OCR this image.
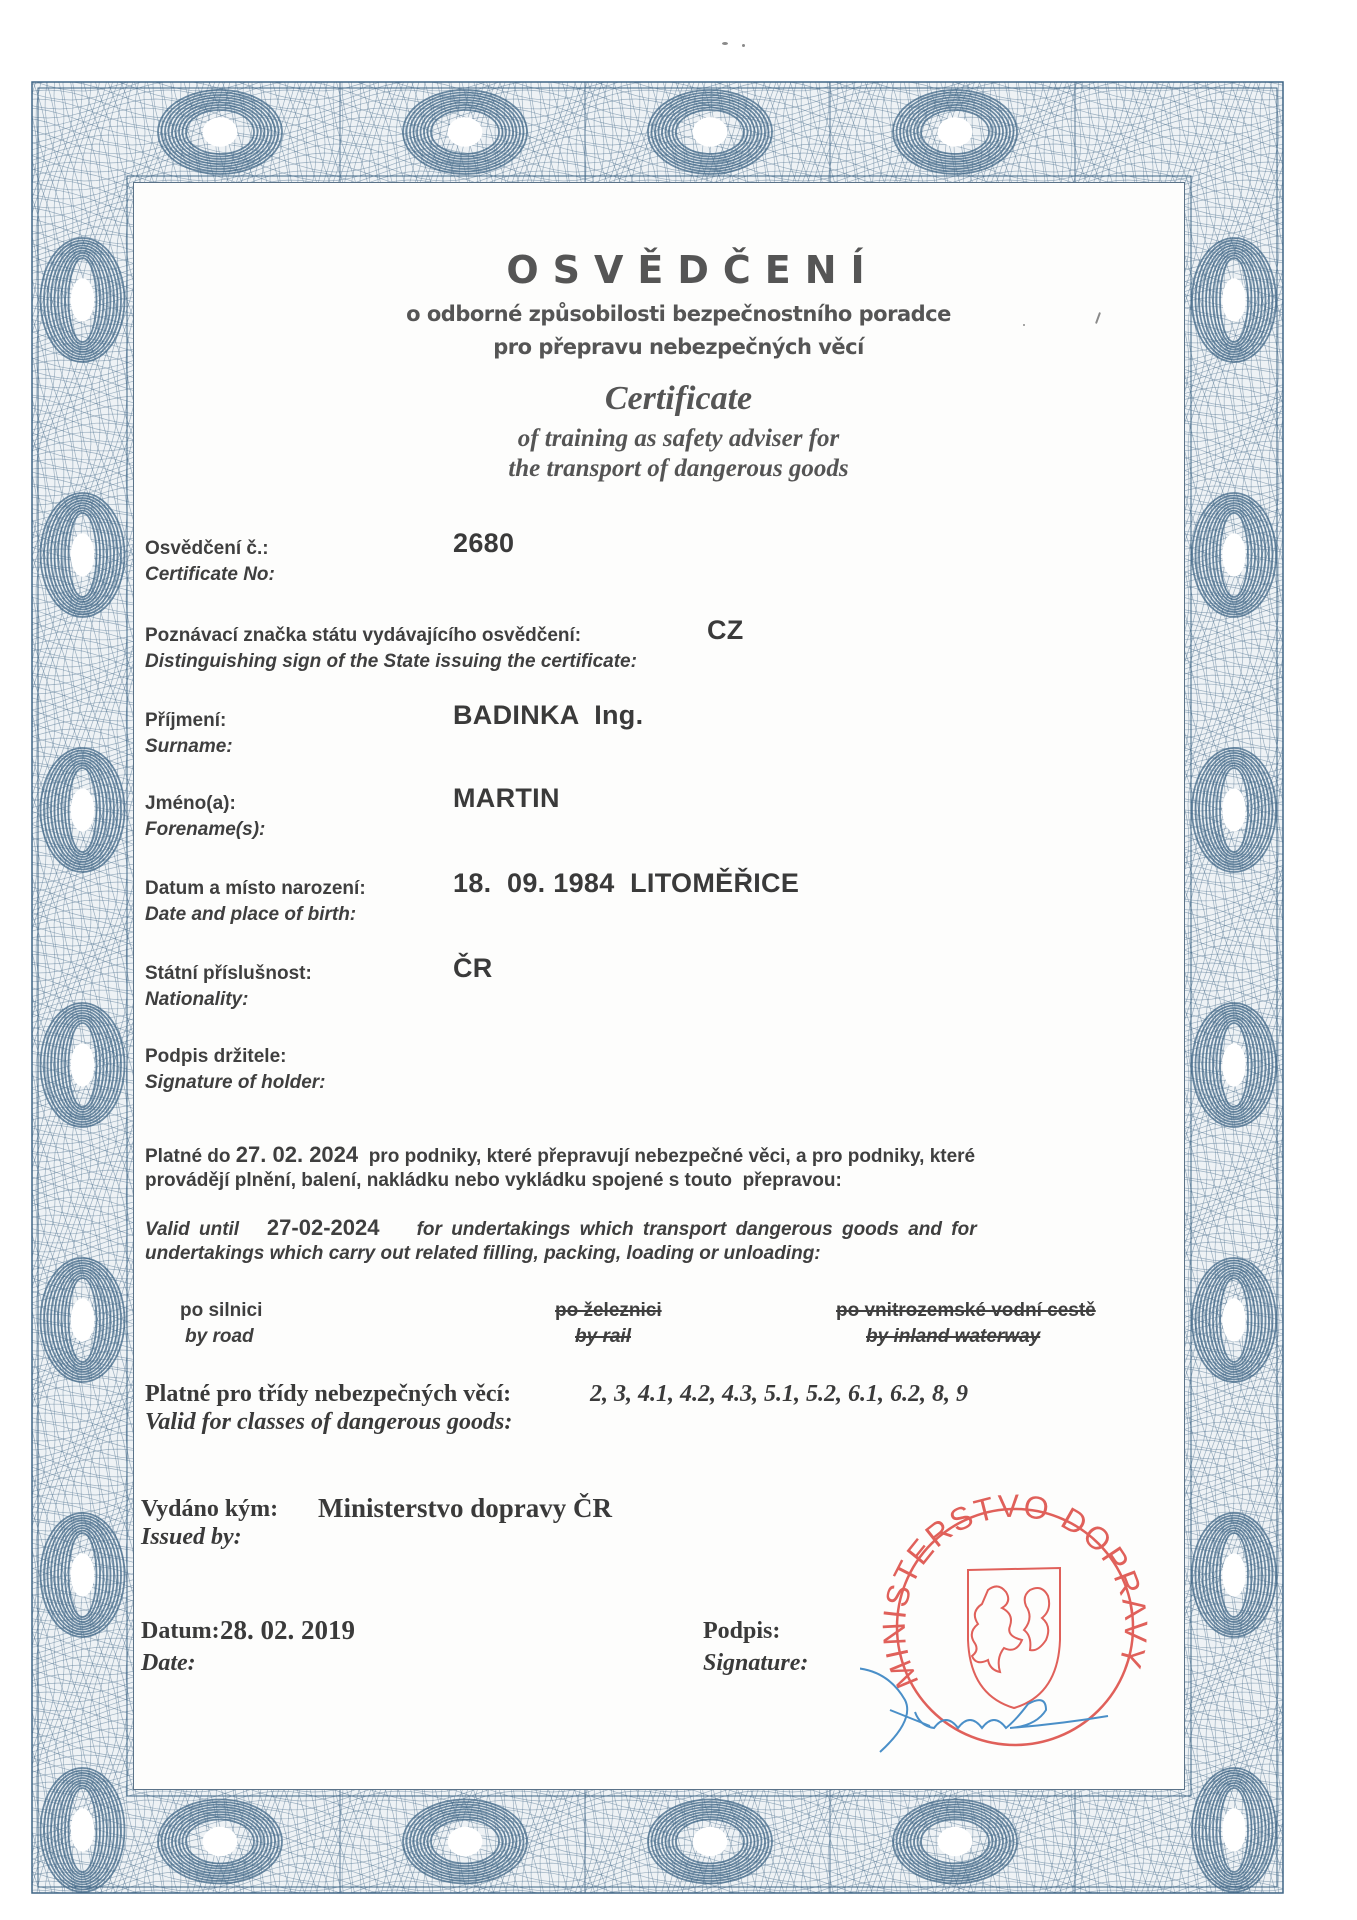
OSVĚDČENÍ
o odborné způsobilosti bezpečnostního poradce
pro přepravu nebezpečných věcí
Certificate
of training as safety adviser for
the transport of dangerous goods
Osvědčení č.:
Certificate No:
2680
Poznávací značka státu vydávajícího osvědčení:
Distinguishing sign of the State issuing the certificate:
CZ
Příjmení:
Surname:
BADINKA  Ing.
Jméno(a):
Forename(s):
MARTIN
Datum a místo narození:
Date and place of birth:
18.  09. 1984  LITOMĚŘICE
Státní příslušnost:
Nationality:
ČR
Podpis držitele:
Signature of holder:
Platné do 27. 02. 2024 pro podniky, které přepravují nebezpečné věci, a pro podniky, které
provádějí plnění, balení, nakládku nebo vykládku spojené s touto  přepravou:
Valid until 27-02-2024 for undertakings which transport dangerous goods and for
undertakings which carry out related filling, packing, loading or unloading:
po silnici
by road
po železnici
by rail
po vnitrozemské vodní cestě
by inland waterway
Platné pro třídy nebezpečných věcí:
Valid for classes of dangerous goods:
2, 3, 4.1, 4.2, 4.3, 5.1, 5.2, 6.1, 6.2, 8, 9
Vydáno kým:
Issued by:
Ministerstvo dopravy ČR
Datum:
Date:
28. 02. 2019	Podpis:
Signature: MINISTERSTVO DOPRAVY
